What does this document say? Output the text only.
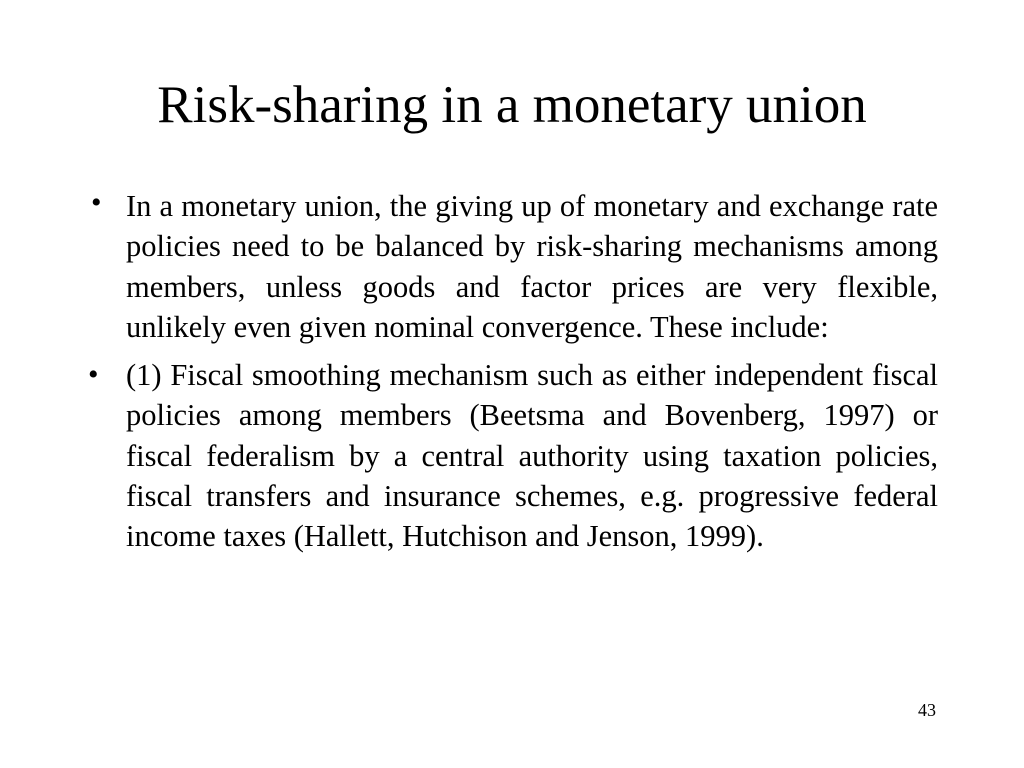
Risk-sharing in a monetary union
• In a monetary union, the giving up of monetary and exchange rate policies need to be balanced by risk-sharing mechanisms among members, unless goods and factor prices are very flexible, unlikely even given nominal convergence. These include:
• (1) Fiscal smoothing mechanism such as either independent fiscal policies among members (Beetsma and Bovenberg, 1997) or fiscal federalism by a central authority using taxation policies, fiscal transfers and insurance schemes, e.g. progressive federal income taxes (Hallett, Hutchison and Jenson, 1999).
43
